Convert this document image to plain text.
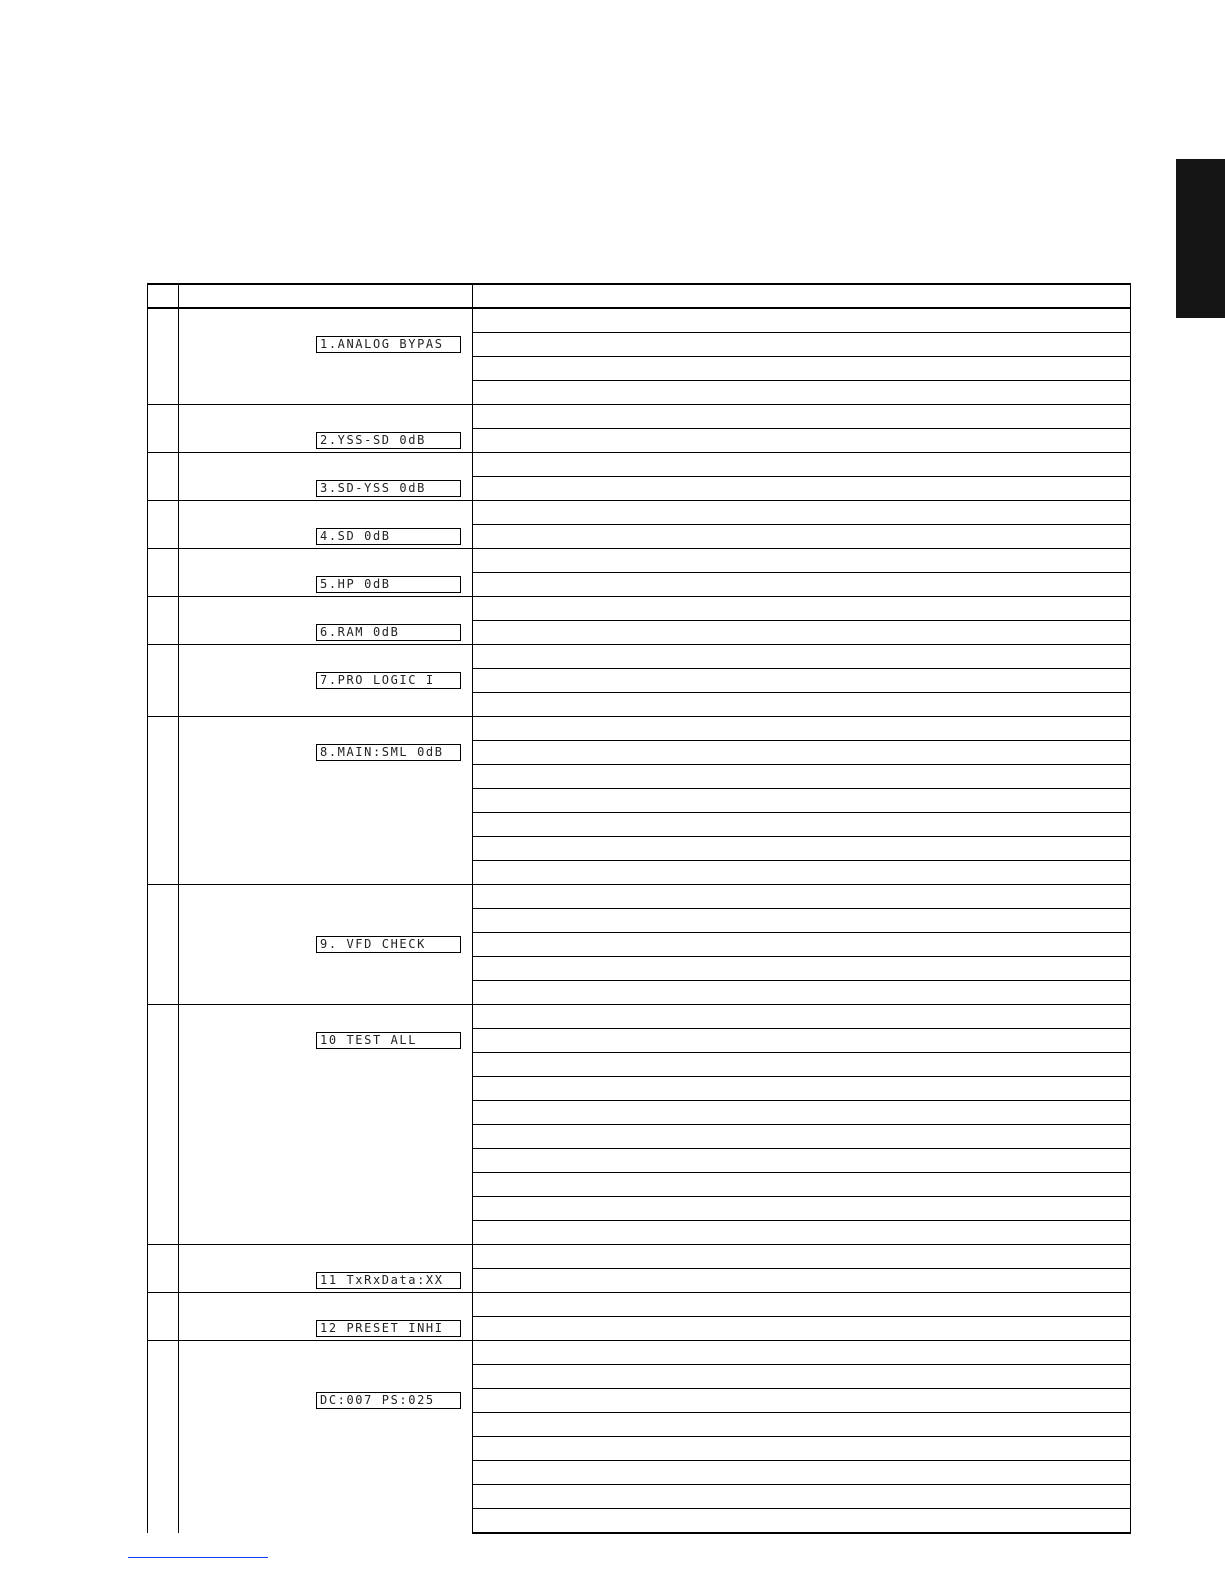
	1.ANALOG BYPAS	

	2.YSS-SD 0dB	

	3.SD-YSS 0dB	

	4.SD 0dB	

	5.HP 0dB	

	6.RAM 0dB	

	7.PRO LOGIC I	

	8.MAIN:SML 0dB	

	9. VFD CHECK	

	10 TEST ALL	

	11 TxRxData:XX	

	12 PRESET INHI	

	DC:007 PS:025	
